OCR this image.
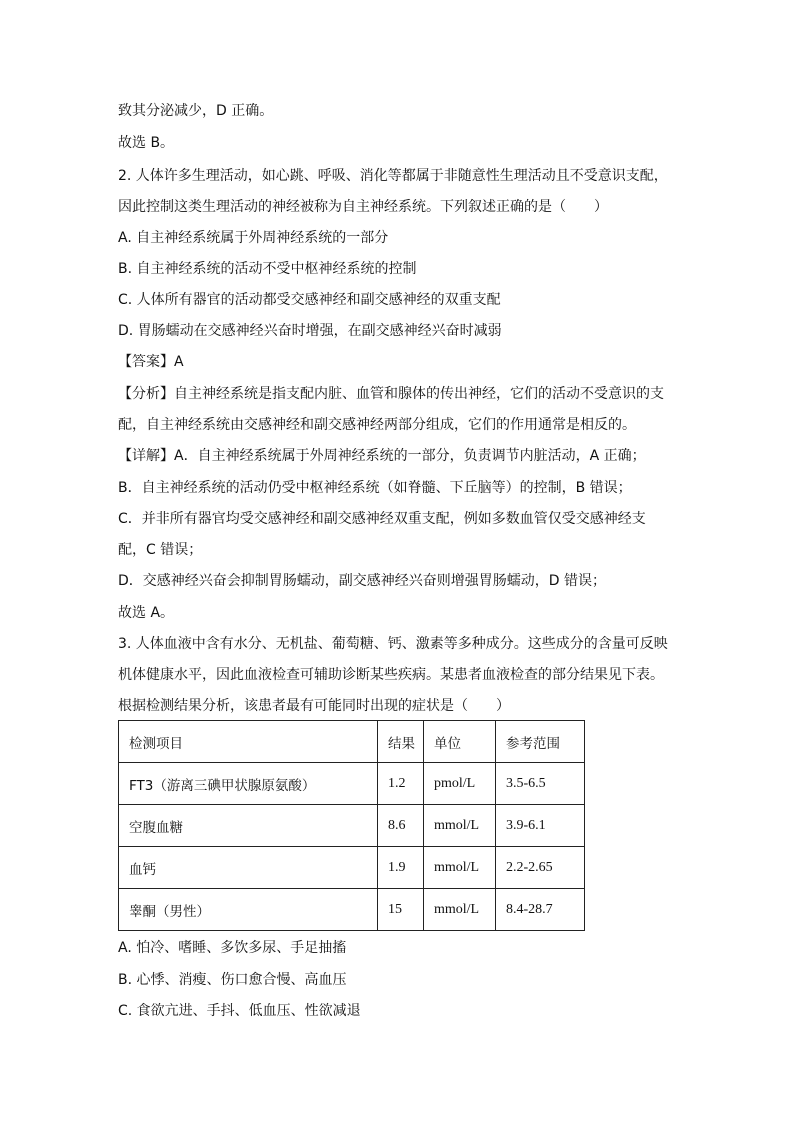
致其分泌减少，D 正确。
故选 B。
2. 人体许多生理活动，如心跳、呼吸、消化等都属于非随意性生理活动且不受意识支配，
因此控制这类生理活动的神经被称为自主神经系统。下列叙述正确的是（　　）
A. 自主神经系统属于外周神经系统的一部分
B. 自主神经系统的活动不受中枢神经系统的控制
C. 人体所有器官的活动都受交感神经和副交感神经的双重支配
D. 胃肠蠕动在交感神经兴奋时增强，在副交感神经兴奋时减弱
【答案】A
【分析】自主神经系统是指支配内脏、血管和腺体的传出神经，它们的活动不受意识的支
配，自主神经系统由交感神经和副交感神经两部分组成，它们的作用通常是相反的。
【详解】A．自主神经系统属于外周神经系统的一部分，负责调节内脏活动，A 正确；
B．自主神经系统的活动仍受中枢神经系统（如脊髓、下丘脑等）的控制，B 错误；
C．并非所有器官均受交感神经和副交感神经双重支配，例如多数血管仅受交感神经支
配，C 错误；
D．交感神经兴奋会抑制胃肠蠕动，副交感神经兴奋则增强胃肠蠕动，D 错误；
故选 A。
3. 人体血液中含有水分、无机盐、葡萄糖、钙、激素等多种成分。这些成分的含量可反映
机体健康水平，因此血液检查可辅助诊断某些疾病。某患者血液检查的部分结果见下表。
根据检测结果分析，该患者最有可能同时出现的症状是（　　）
检测项目	结果	单位	参考范围
FT3（游离三碘甲状腺原氨酸）	1.2	pmol/L	3.5-6.5
空腹血糖	8.6	mmol/L	3.9-6.1
血钙	1.9	mmol/L	2.2-2.65
睾酮（男性）	15	mmol/L	8.4-28.7
A. 怕冷、嗜睡、多饮多尿、手足抽搐
B. 心悸、消瘦、伤口愈合慢、高血压
C. 食欲亢进、手抖、低血压、性欲减退
